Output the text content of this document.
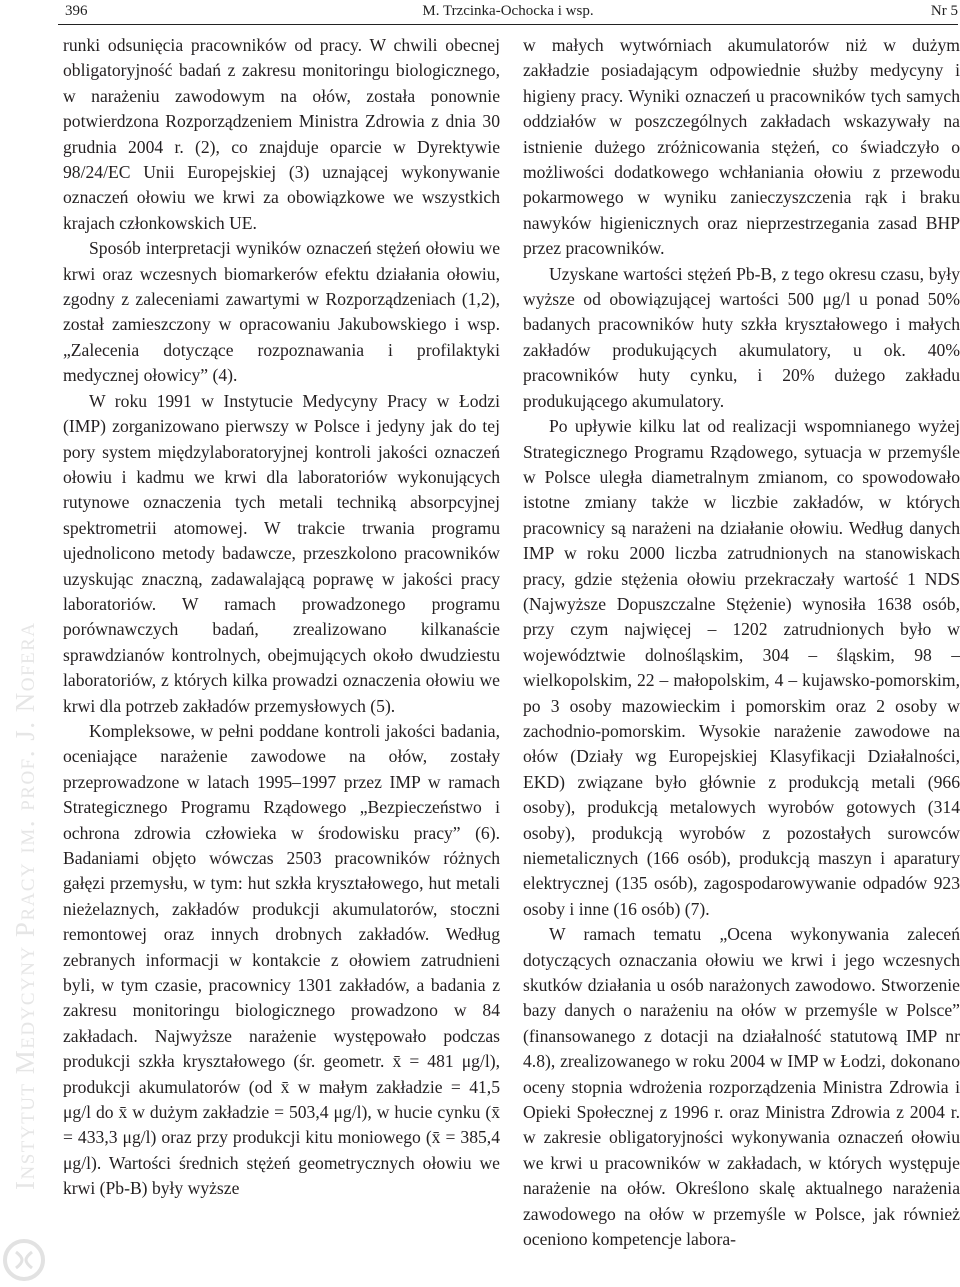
396	M. Trzcinka-Ochocka i wsp.	Nr 5
Instytut Medycyny Pracy im. prof. J. Nofera

runki odsunięcia pracowników od pracy. W chwili obecnej obligatoryjność badań z zakresu monitoringu biologicznego, w narażeniu zawodowym na ołów, została ponownie potwierdzona Rozporządzeniem Ministra Zdrowia z dnia 30 grudnia 2004 r. (2), co znajduje oparcie w Dyrektywie 98/24/EC Unii Europejskiej (3) uznającej wykonywanie oznaczeń ołowiu we krwi za obowiązkowe we wszystkich krajach członkowskich UE.

Sposób interpretacji wyników oznaczeń stężeń ołowiu we krwi oraz wczesnych biomarkerów efektu działania ołowiu, zgodny z zaleceniami zawartymi w Rozporządzeniach (1,2), został zamieszczony w opracowaniu Jakubowskiego i wsp. „Zalecenia dotyczące rozpoznawania i profilaktyki medycznej ołowicy” (4).

W roku 1991 w Instytucie Medycyny Pracy w Łodzi (IMP) zorganizowano pierwszy w Polsce i jedyny jak do tej pory system międzylaboratoryjnej kontroli jakości oznaczeń ołowiu i kadmu we krwi dla laboratoriów wykonujących rutynowe oznaczenia tych metali techniką absorpcyjnej spektrometrii atomowej. W trakcie trwania programu ujednolicono metody badawcze, przeszkolono pracowników uzyskując znaczną, zadawalającą poprawę w jakości pracy laboratoriów. W ramach prowadzonego programu porównawczych badań, zrealizowano kilkanaście sprawdzianów kontrolnych, obejmujących około dwudziestu laboratoriów, z których kilka prowadzi oznaczenia ołowiu we krwi dla potrzeb zakładów przemysłowych (5).

Kompleksowe, w pełni poddane kontroli jakości badania, oceniające narażenie zawodowe na ołów, zostały przeprowadzone w latach 1995–1997 przez IMP w ramach Strategicznego Programu Rządowego „Bezpieczeństwo i ochrona zdrowia człowieka w środowisku pracy” (6). Badaniami objęto wówczas 2503 pracowników różnych gałęzi przemysłu, w tym: hut szkła kryształowego, hut metali nieżelaznych, zakładów produkcji akumulatorów, stoczni remontowej oraz innych drobnych zakładów. Według zebranych informacji w kontakcie z ołowiem zatrudnieni byli, w tym czasie, pracownicy 1301 zakładów, a badania z zakresu monitoringu biologicznego prowadzono w 84 zakładach. Najwyższe narażenie występowało podczas produkcji szkła kryształowego (śr. geometr. x̄ = 481 μg/l), produkcji akumulatorów (od x̄ w małym zakładzie = 41,5 μg/l do x̄ w dużym zakładzie = 503,4 μg/l), w hucie cynku (x̄ = 433,3 μg/l) oraz przy produkcji kitu moniowego (x̄ = 385,4 μg/l). Wartości średnich stężeń geometrycznych ołowiu we krwi (Pb-B) były wyższe

w małych wytwórniach akumulatorów niż w dużym zakładzie posiadającym odpowiednie służby medycyny i higieny pracy. Wyniki oznaczeń u pracowników tych samych oddziałów w poszczególnych zakładach wskazywały na istnienie dużego zróżnicowania stężeń, co świadczyło o możliwości dodatkowego wchłaniania ołowiu z przewodu pokarmowego w wyniku zanieczyszczenia rąk i braku nawyków higienicznych oraz nieprzestrzegania zasad BHP przez pracowników.

Uzyskane wartości stężeń Pb-B, z tego okresu czasu, były wyższe od obowiązującej wartości 500 μg/l u ponad 50% badanych pracowników huty szkła kryształowego i małych zakładów produkujących akumulatory, u ok. 40% pracowników huty cynku, i 20% dużego zakładu produkującego akumulatory.

Po upływie kilku lat od realizacji wspomnianego wyżej Strategicznego Programu Rządowego, sytuacja w przemyśle w Polsce uległa diametralnym zmianom, co spowodowało istotne zmiany także w liczbie zakładów, w których pracownicy są narażeni na działanie ołowiu. Według danych IMP w roku 2000 liczba zatrudnionych na stanowiskach pracy, gdzie stężenia ołowiu przekraczały wartość 1 NDS (Najwyższe Dopuszczalne Stężenie) wynosiła 1638 osób, przy czym najwięcej – 1202 zatrudnionych było w województwie dolnośląskim, 304 – śląskim, 98 – wielkopolskim, 22 – małopolskim, 4 – kujawsko-pomorskim, po 3 osoby mazowieckim i pomorskim oraz 2 osoby w zachodnio-pomorskim. Wysokie narażenie zawodowe na ołów (Działy wg Europejskiej Klasyfikacji Działalności, EKD) związane było głównie z produkcją metali (966 osoby), produkcją metalowych wyrobów gotowych (314 osoby), produkcją wyrobów z pozostałych surowców niemetalicznych (166 osób), produkcją maszyn i aparatury elektrycznej (135 osób), zagospodarowywanie odpadów 923 osoby i inne (16 osób) (7).

W ramach tematu „Ocena wykonywania zaleceń dotyczących oznaczania ołowiu we krwi i jego wczesnych skutków działania u osób narażonych zawodowo. Stworzenie bazy danych o narażeniu na ołów w przemyśle w Polsce” (finansowanego z dotacji na działalność statutową IMP nr 4.8), zrealizowanego w roku 2004 w IMP w Łodzi, dokonano oceny stopnia wdrożenia rozporządzenia Ministra Zdrowia i Opieki Społecznej z 1996 r. oraz Ministra Zdrowia z 2004 r. w zakresie obligatoryjności wykonywania oznaczeń ołowiu we krwi u pracowników w zakładach, w których występuje narażenie na ołów. Określono skalę aktualnego narażenia zawodowego na ołów w przemyśle w Polsce, jak również oceniono kompetencje labora-
